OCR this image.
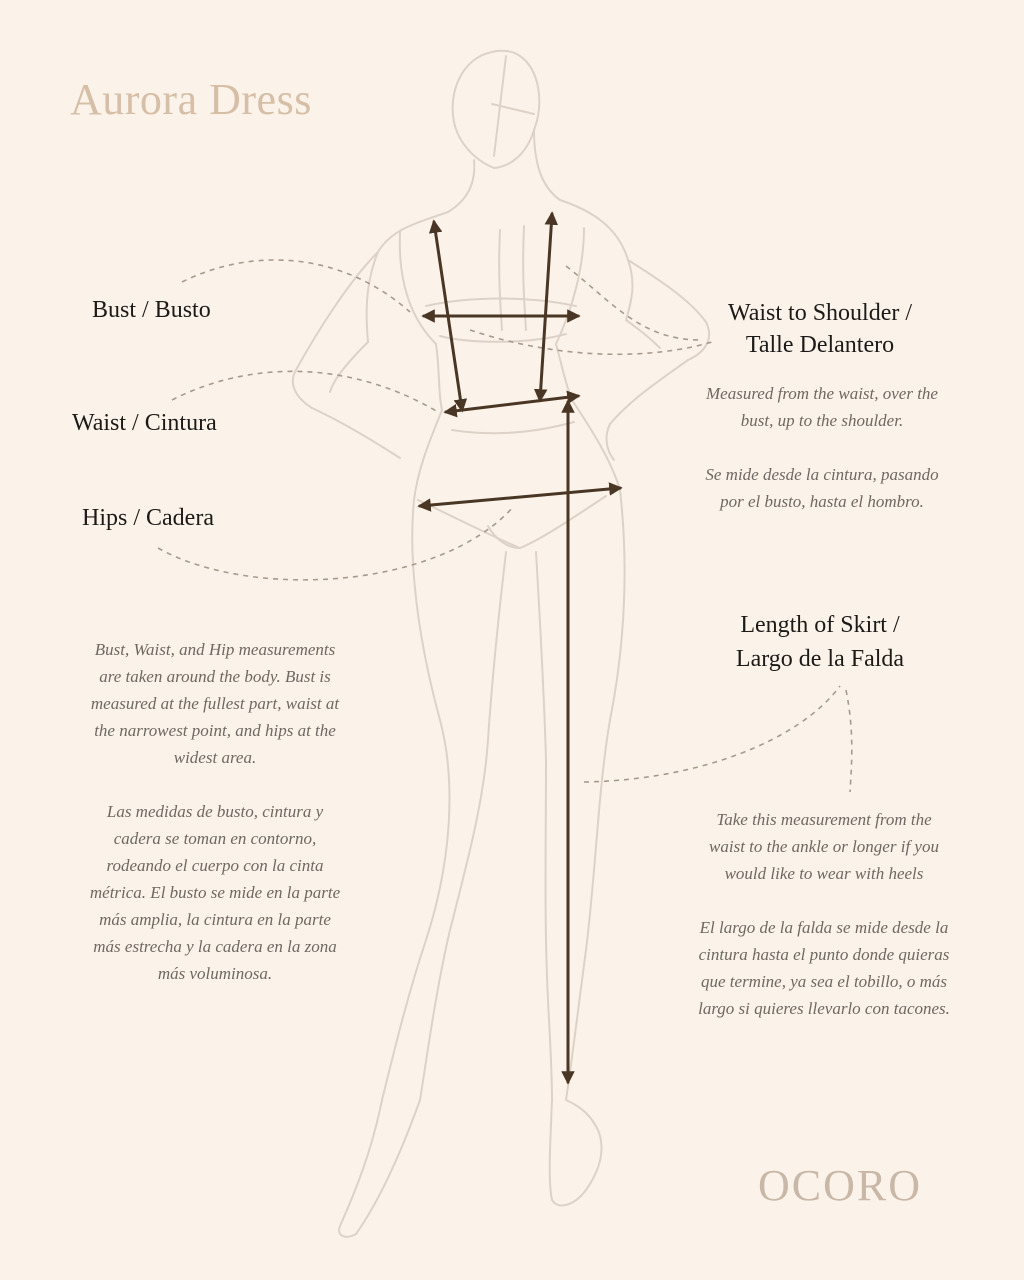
Aurora Dress
Bust / Busto
Waist / Cintura
Hips / Cadera
Waist to Shoulder /
Talle Delantero
Length of Skirt /
Largo de la Falda

Measured from the waist, over the

bust, up to the shoulder.

Se mide desde la cintura, pasando

por el busto, hasta el hombro.

Bust, Waist, and Hip measurements

are taken around the body. Bust is

measured at the fullest part, waist at

the narrowest point, and hips at the

widest area.

Las medidas de busto, cintura y

cadera se toman en contorno,

rodeando el cuerpo con la cinta

métrica. El busto se mide en la parte

más amplia, la cintura en la parte

más estrecha y la cadera en la zona

más voluminosa.

Take this measurement from the

waist to the ankle or longer if you

would like to wear with heels

El largo de la falda se mide desde la

cintura hasta el punto donde quieras

que termine, ya sea el tobillo, o más

largo si quieres llevarlo con tacones.

OCORO
